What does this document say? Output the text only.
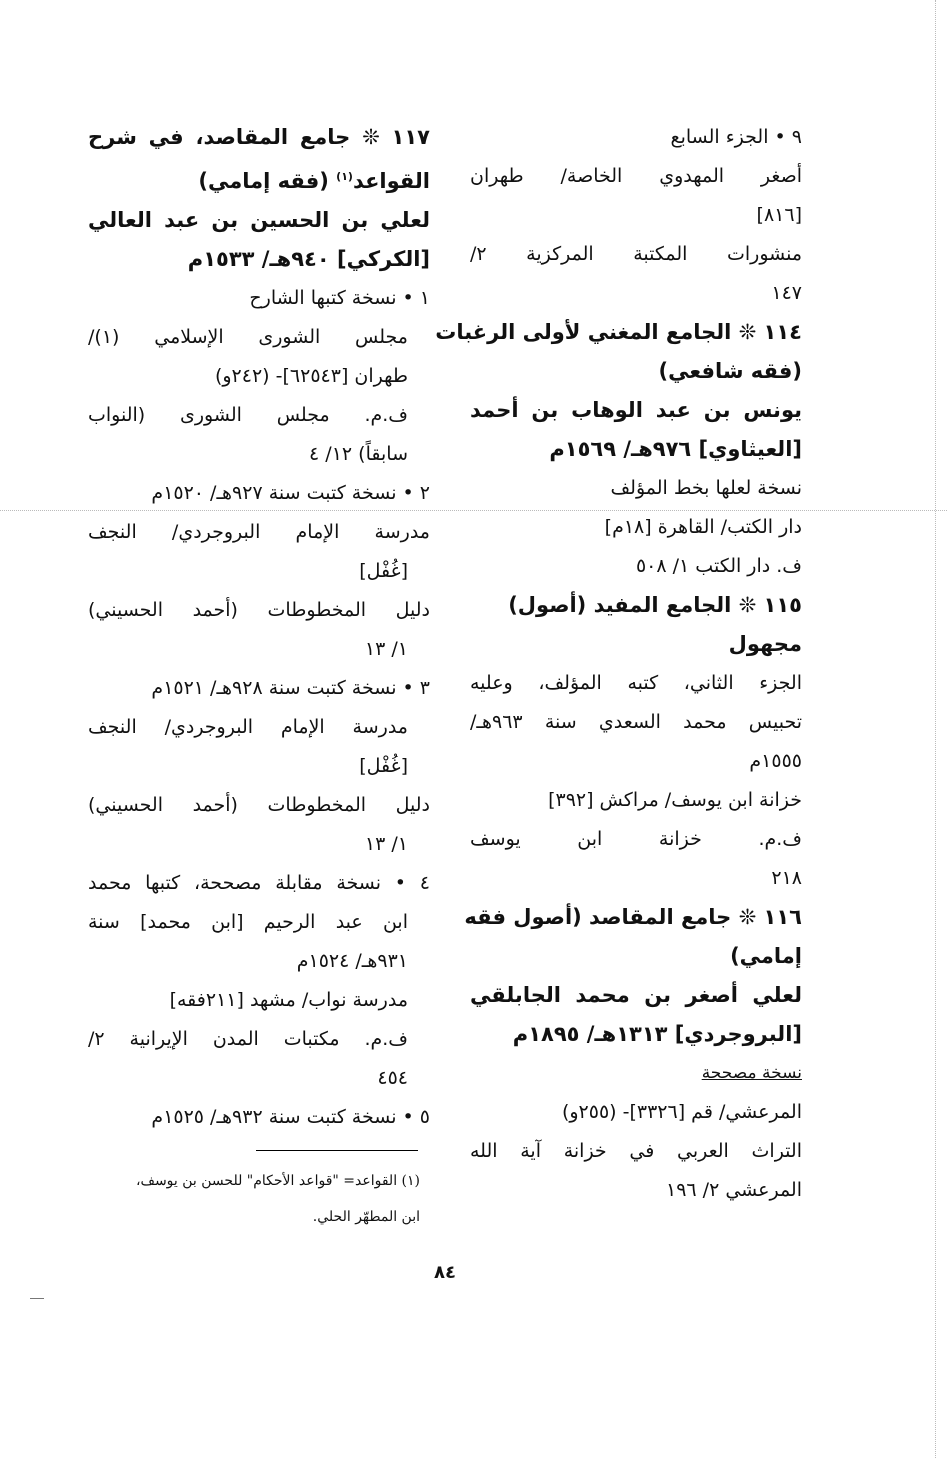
٩ • الجزء السابع
أصغر المهدوي الخاصة/ طهران
[٨١٦]
منشورات المكتبة المركزية ٢/
١٤٧
١١٤ ❊ الجامع المغني لأولى الرغبات
(فقه شافعي)
يونس بن عبد الوهاب بن أحمد
[العيثاوي] ٩٧٦هـ/ ١٥٦٩م
نسخة لعلها بخط المؤلف
دار الكتب/ القاهرة [١٨م]
ف. دار الكتب ١/ ٥٠٨
١١٥ ❊ الجامع المفيد (أصول)
مجهول
الجزء الثاني، كتبه المؤلف، وعليه
تحبيس محمد السعدي سنة ٩٦٣هـ/
١٥٥٥م
خزانة ابن يوسف/ مراكش [٣٩٢]
ف.م. خزانة ابن يوسف
٢١٨
١١٦ ❊ جامع المقاصد (أصول فقه
إمامي)
لعلي أصغر بن محمد الجابلقي
[البروجردي] ١٣١٣هـ/ ١٨٩٥م
نسخة مصححة
المرعشي/ قم [٣٣٢٦]- (٢٥٥و)
التراث العربي في خزانة آية الله
المرعشي ٢/ ١٩٦
١١٧ ❊ جامع المقاصد، في شرح
القواعد$^{(١)}$ (فقه إمامي)
لعلي بن الحسين بن عبد العالي
[الكركي] ٩٤٠هـ/ ١٥٣٣م
١ • نسخة كتبها الشارح
مجلس الشورى الإسلامي (١)/
طهران [٦٢٥٤٣]- (٢٤٢و)
ف.م. مجلس الشورى (النواب
سابقاً) ١٢/ ٤
٢ • نسخة كتبت سنة ٩٢٧هـ/ ١٥٢٠م
مدرسة الإمام البروجردي/ النجف
[غُفْل]
دليل المخطوطات (أحمد الحسيني)
١/ ١٣
٣ • نسخة كتبت سنة ٩٢٨هـ/ ١٥٢١م
مدرسة الإمام البروجردي/ النجف
[غُفْل]
دليل المخطوطات (أحمد الحسيني)
١/ ١٣
٤ • نسخة مقابلة مصححة، كتبها محمد
ابن عبد الرحيم [ابن محمد] سنة
٩٣١هـ/ ١٥٢٤م
مدرسة نواب/ مشهد [٢١١فقه]
ف.م. مكتبات المدن الإيرانية ٢/
٤٥٤
٥ • نسخة كتبت سنة ٩٣٢هـ/ ١٥٢٥م
(١) القواعد= "قواعد الأحكام" للحسن بن يوسف،
ابن المطهّر الحلي.
٨٤
